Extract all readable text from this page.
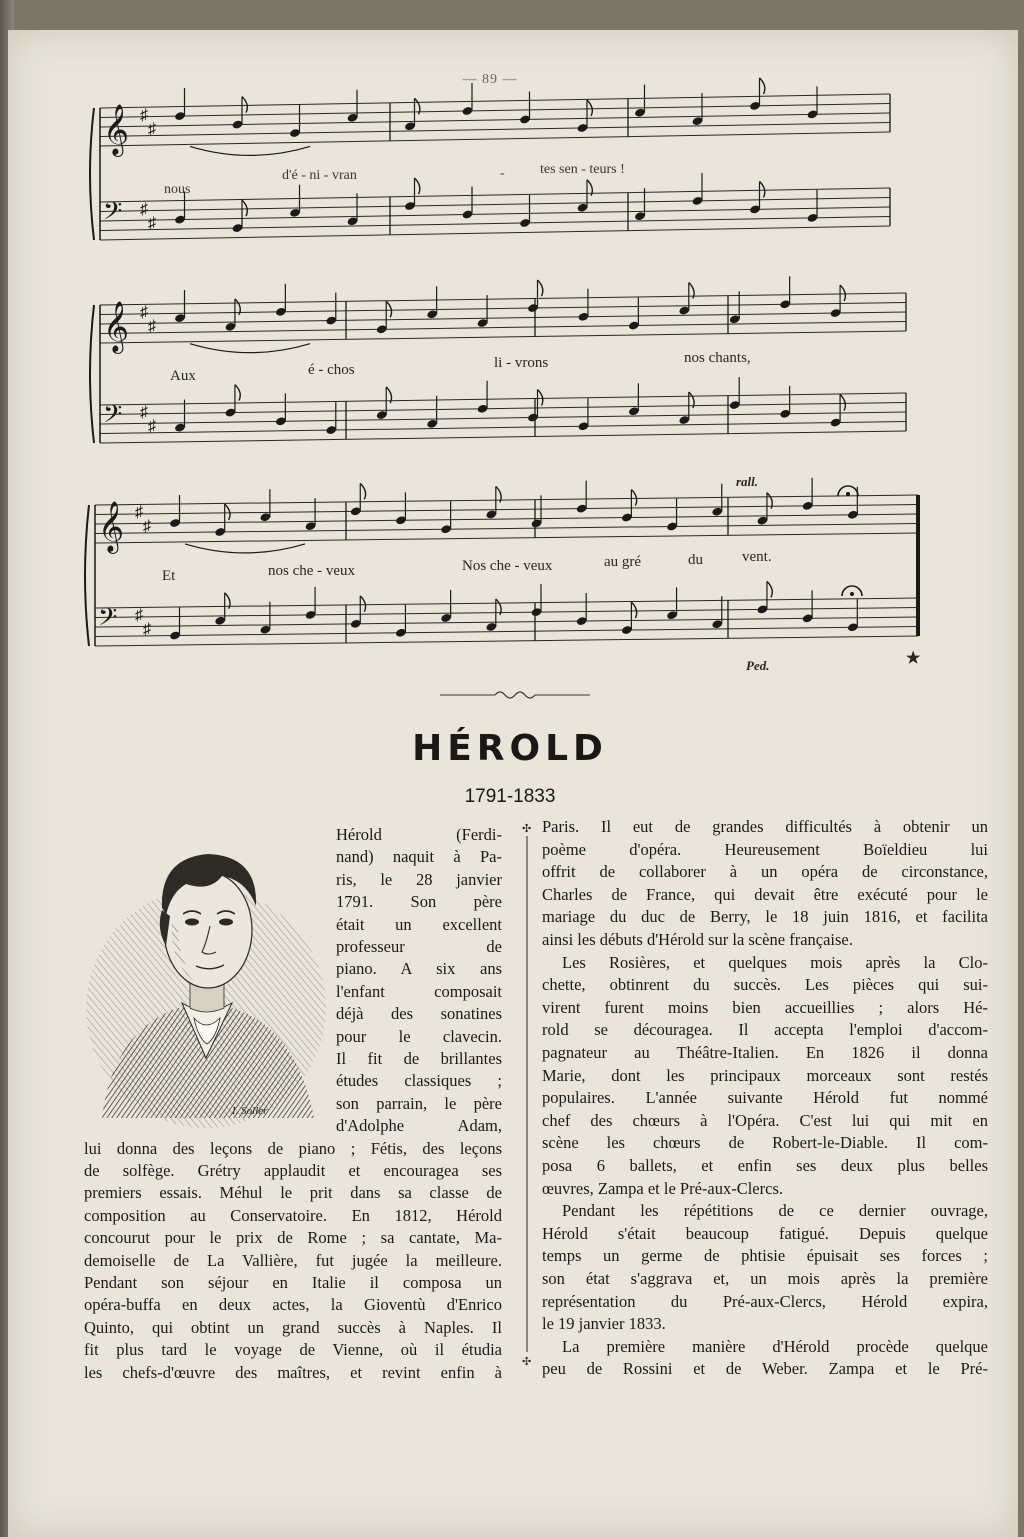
— 89 —
𝄞 ♯
♯
𝄢 ♯
♯
𝄞 ♯
♯
𝄢 ♯
♯
𝄞 ♯
♯
𝄢 ♯
♯
nous
d'é - ni - vran	-	tes sen - teurs !
Aux	é - chos	li - vrons	nos chants,
Et	nos che - veux	Nos che - veux	au gré	du	vent.
rall.
Ped.	★
HÉROLD
1791-1833
I. Soller
Hérold (Ferdi-
nand) naquit à Pa-
ris, le 28 janvier
1791. Son père
était un excellent
professeur de
piano. A six ans
l'enfant composait
déjà des sonatines
pour le clavecin.
Il fit de brillantes
études classiques ;
son parrain, le père
d'Adolphe Adam,
lui donna des leçons de piano ; Fétis, des leçons
de solfège. Grétry applaudit et encouragea ses
premiers essais. Méhul le prit dans sa classe de
composition au Conservatoire. En 1812, Hérold
concourut pour le prix de Rome ; sa cantate, Ma-
demoiselle de La Vallière, fut jugée la meilleure.
Pendant son séjour en Italie il composa un
opéra-buffa en deux actes, la Gioventù d'Enrico
Quinto, qui obtint un grand succès à Naples. Il
fit plus tard le voyage de Vienne, où il étudia
les chefs-d'œuvre des maîtres, et revint enfin à
✣
✣
Paris. Il eut de grandes difficultés à obtenir un
poème d'opéra. Heureusement Boïeldieu lui
offrit de collaborer à un opéra de circonstance,
Charles de France, qui devait être exécuté pour le
mariage du duc de Berry, le 18 juin 1816, et facilita
ainsi les débuts d'Hérold sur la scène française.
Les Rosières, et quelques mois après la Clo-
chette, obtinrent du succès. Les pièces qui sui-
virent furent moins bien accueillies ; alors Hé-
rold se découragea. Il accepta l'emploi d'accom-
pagnateur au Théâtre-Italien. En 1826 il donna
Marie, dont les principaux morceaux sont restés
populaires. L'année suivante Hérold fut nommé
chef des chœurs à l'Opéra. C'est lui qui mit en
scène les chœurs de Robert-le-Diable. Il com-
posa 6 ballets, et enfin ses deux plus belles
œuvres, Zampa et le Pré-aux-Clercs.
Pendant les répétitions de ce dernier ouvrage,
Hérold s'était beaucoup fatigué. Depuis quelque
temps un germe de phtisie épuisait ses forces ;
son état s'aggrava et, un mois après la première
représentation du Pré-aux-Clercs, Hérold expira,
le 19 janvier 1833.
La première manière d'Hérold procède quelque
peu de Rossini et de Weber. Zampa et le Pré-
